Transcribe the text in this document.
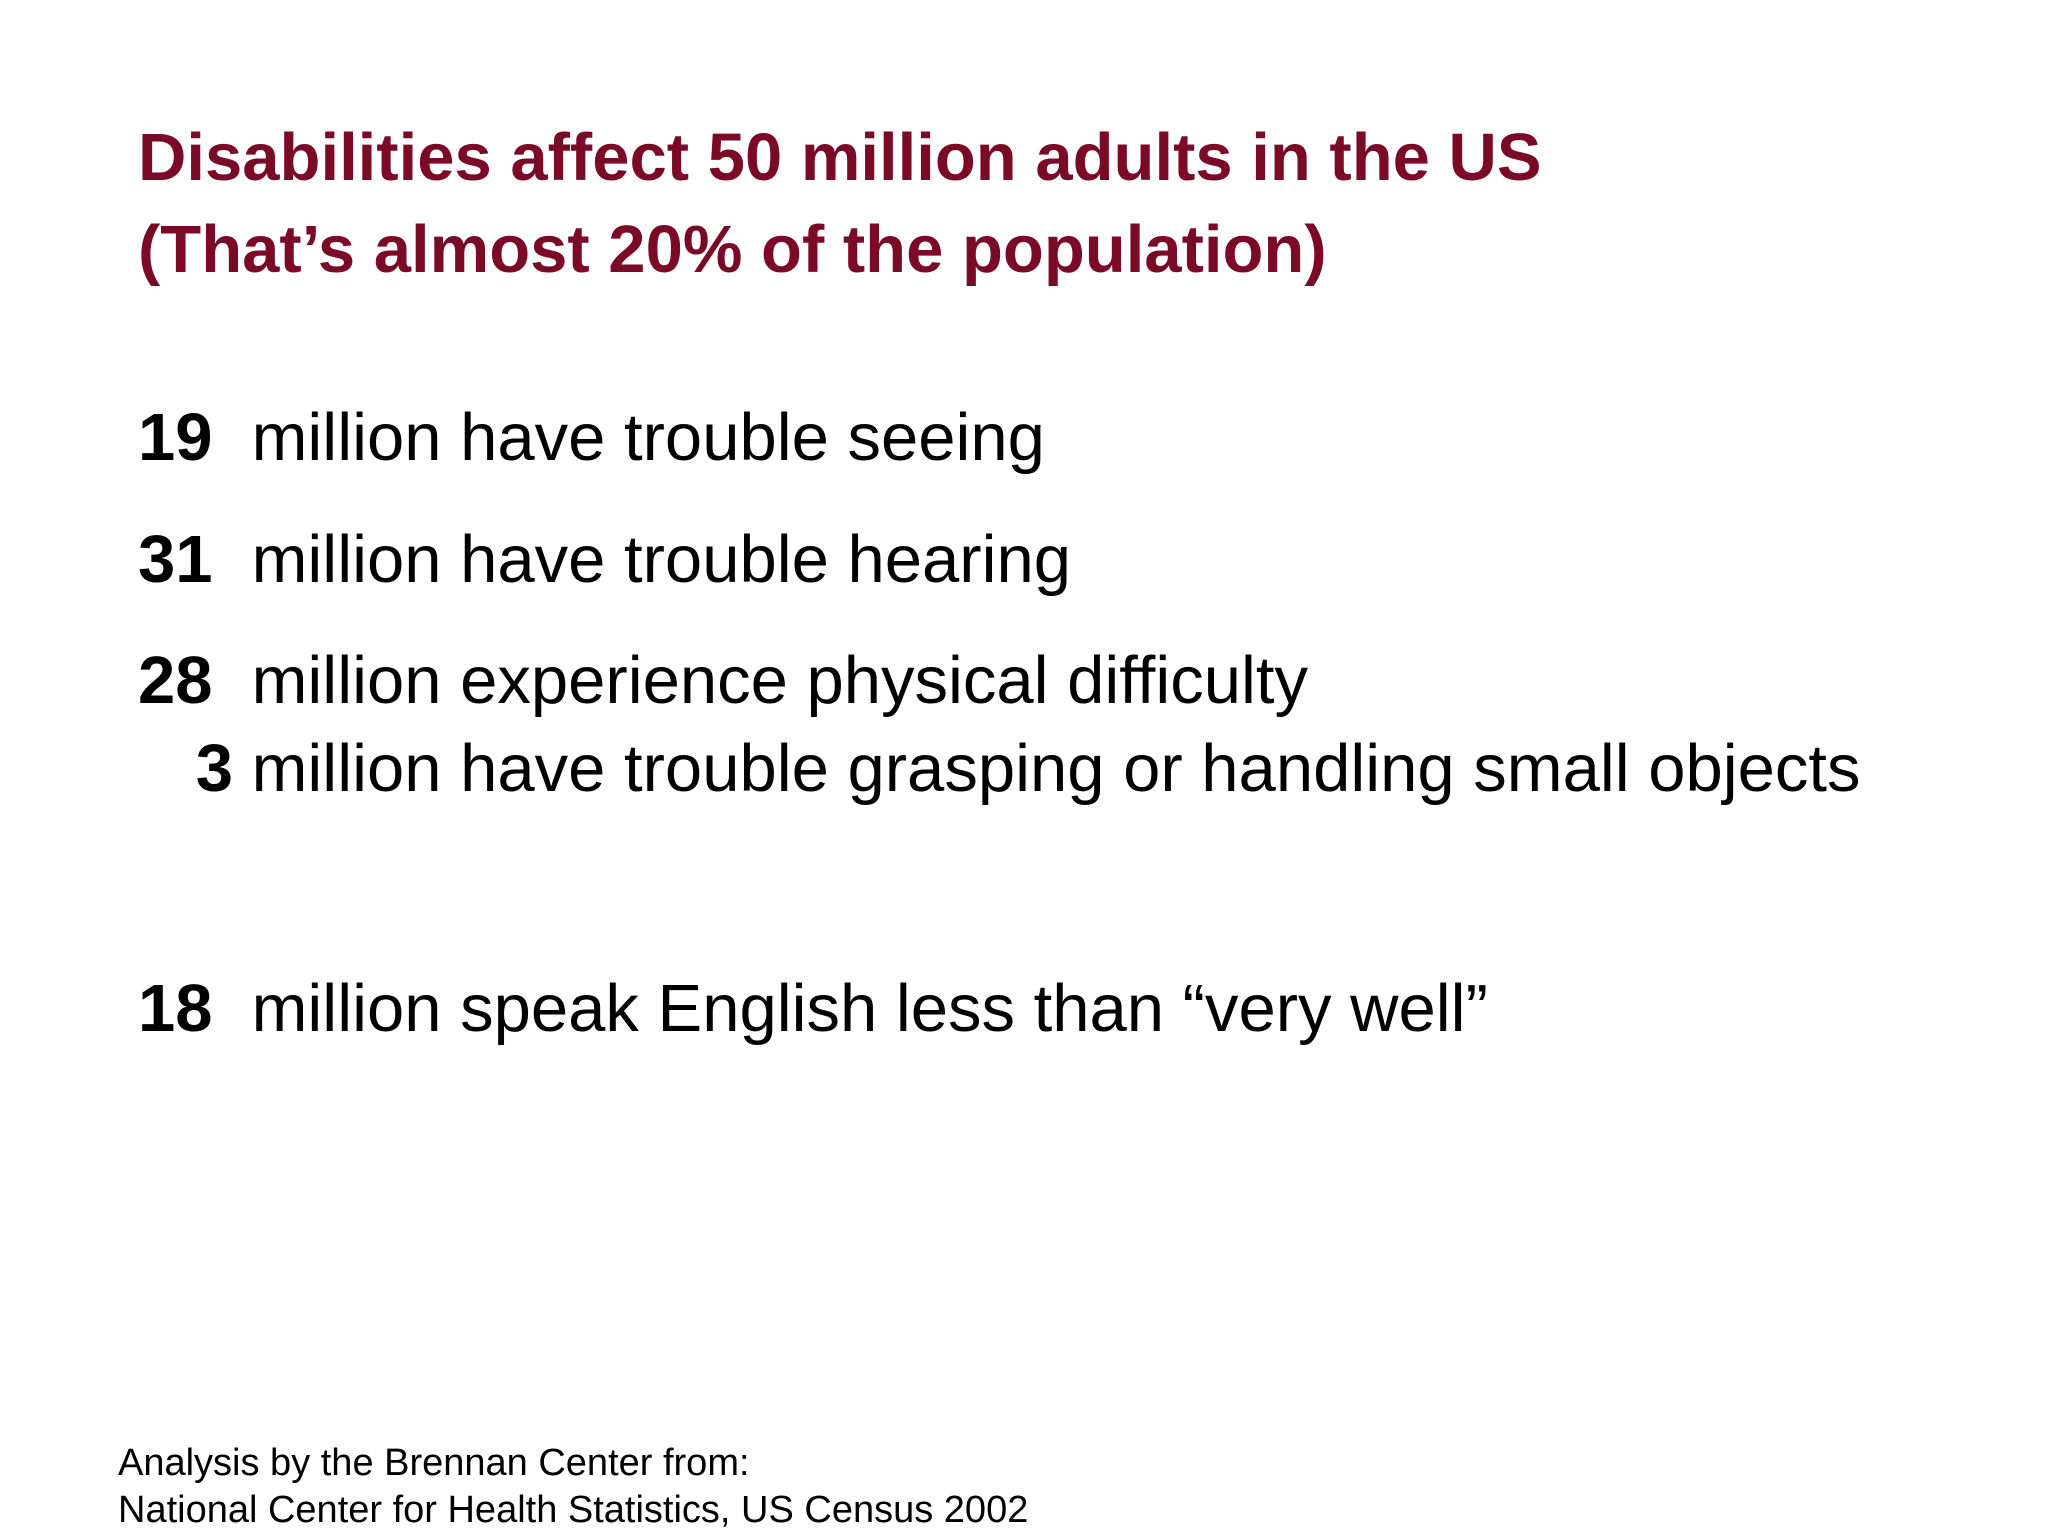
Disabilities affect 50 million adults in the US
(That’s almost 20% of the population)
19 million have trouble seeing
31 million have trouble hearing
28 million experience physical difficulty
3 million have trouble grasping or handling small objects
18 million speak English less than “very well”
Analysis by the Brennan Center from:
National Center for Health Statistics, US Census 2002
